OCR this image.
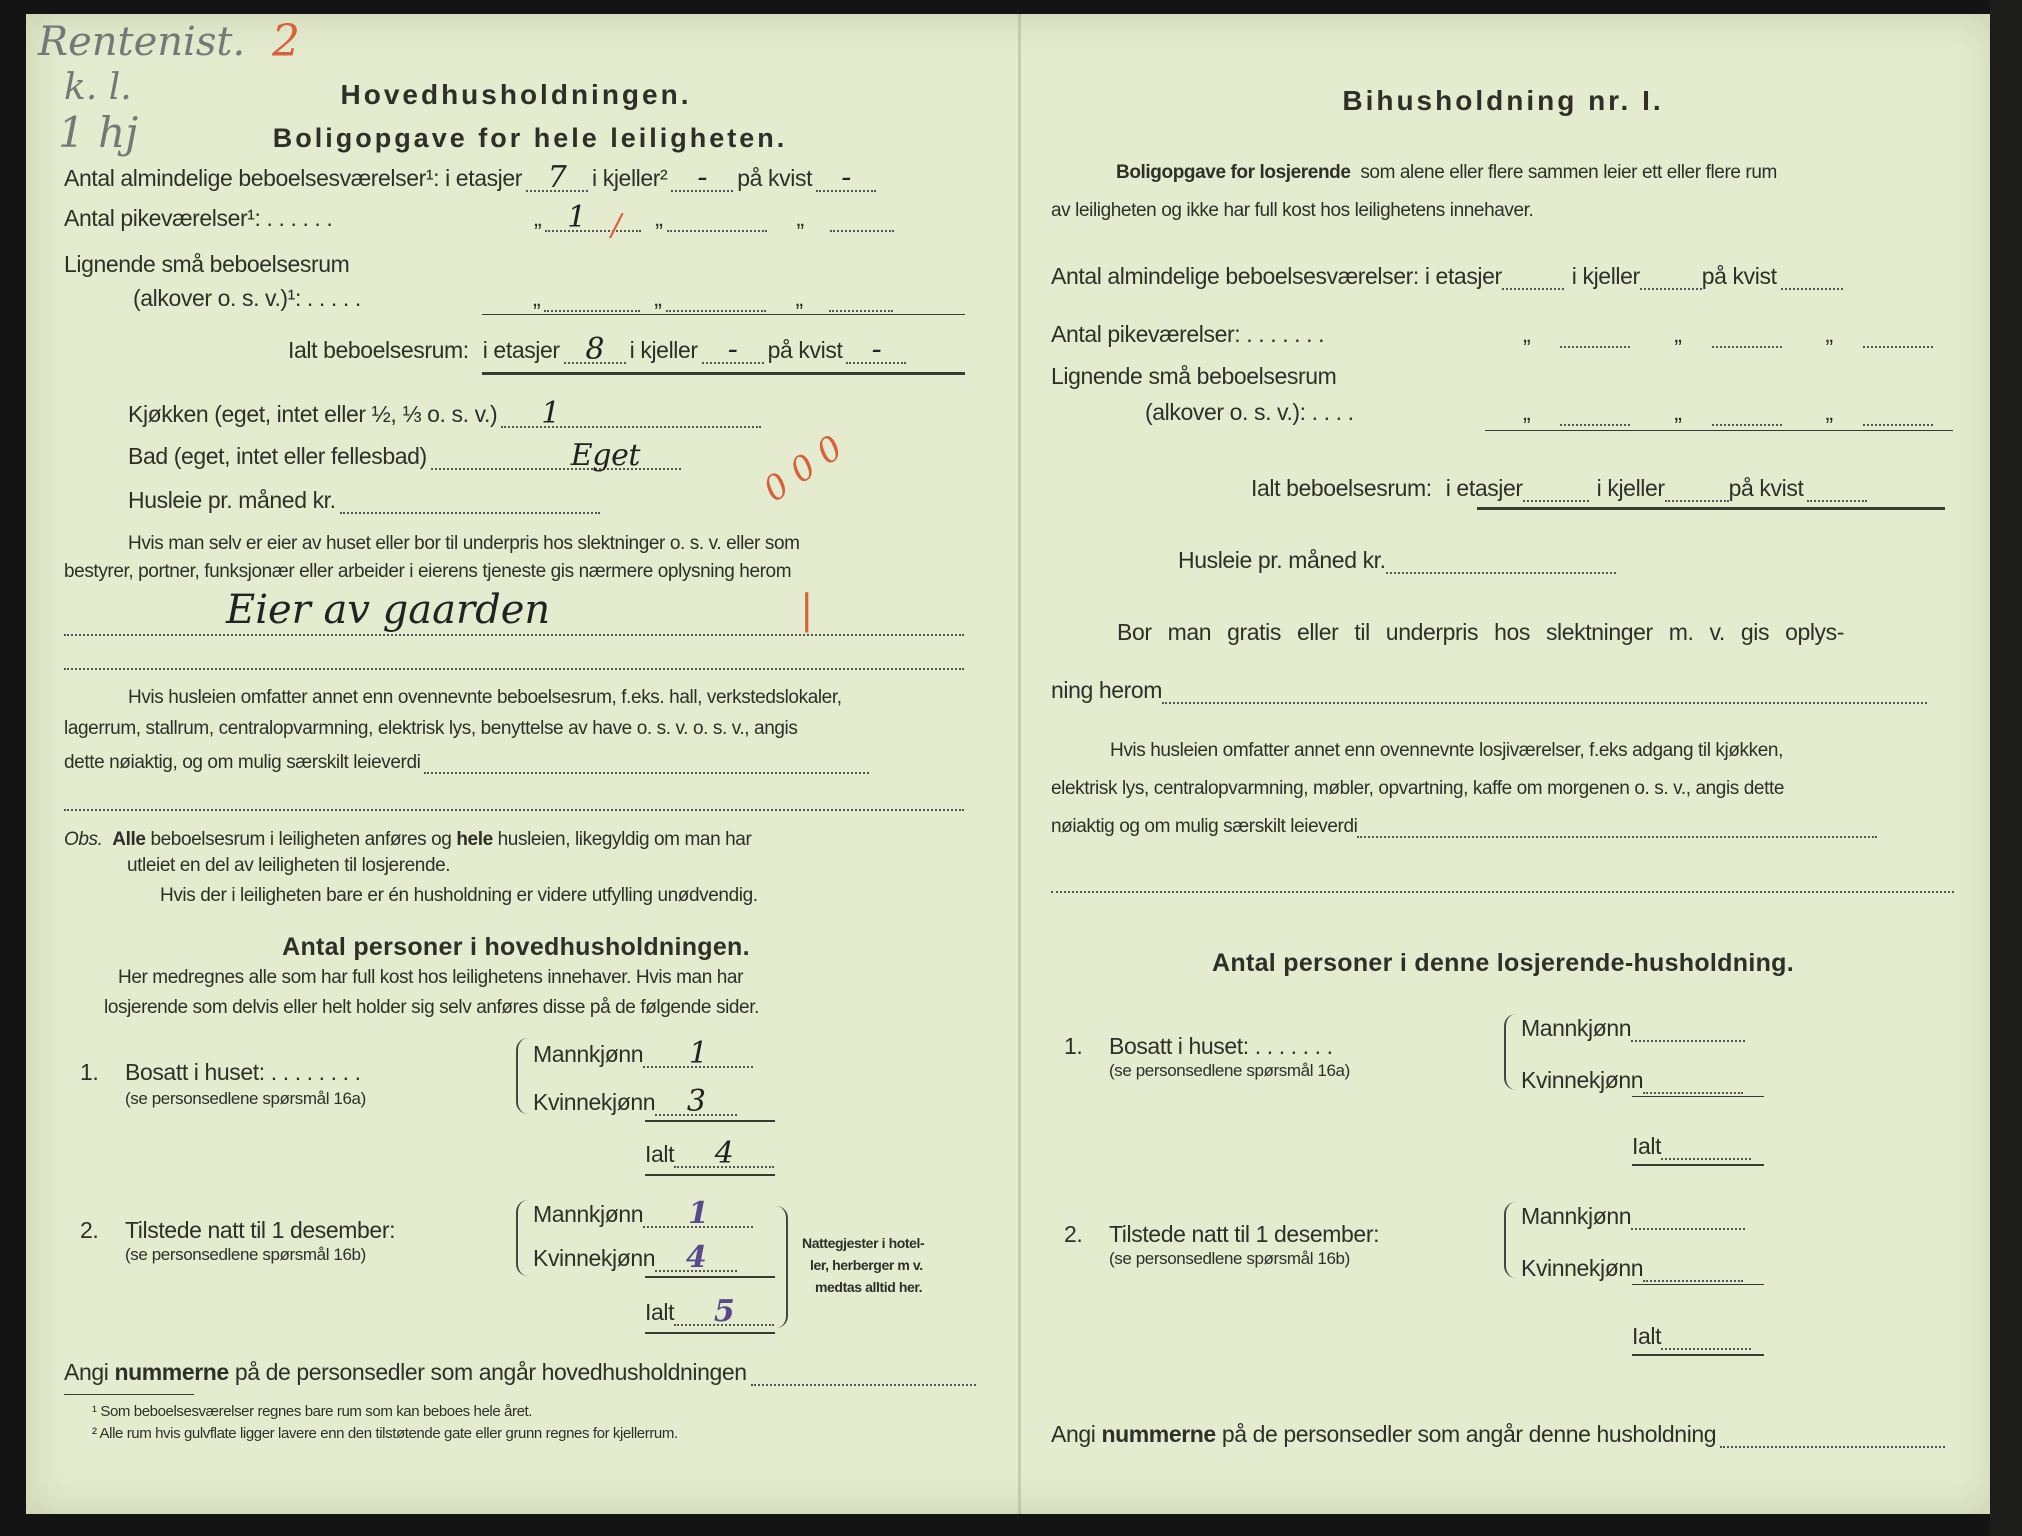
Rentenist. 2
k. l.
1 hj
Hovedhusholdningen.
Boligopgave for hele leiligheten.
Antal almindelige beboelsesværelser¹: i etasjer 7	i kjeller²	-	på kvist -
Antal pikeværelser¹: . . . . . .	„ 1 / „	„
Lignende små beboelsesrum
(alkover o. s. v.)¹: . . . . .	„	„	„
Ialt beboelsesrum: i etasjer 8	i kjeller	-	på kvist -
Kjøkken (eget, intet eller ½, ⅓ o. s. v.)	1
Bad (eget, intet eller fellesbad)	Eget	0 0 0
Husleie pr. måned kr.
Hvis man selv er eier av huset eller bor til underpris hos slektninger o. s. v. eller som
bestyrer, portner, funksjonær eller arbeider i eierens tjeneste gis nærmere oplysning herom
Eier av gaarden	|
Hvis husleien omfatter annet enn ovennevnte beboelsesrum, f.eks. hall, verkstedslokaler,
lagerrum, stallrum, centralopvarmning, elektrisk lys, benyttelse av have o. s. v. o. s. v., angis
dette nøiaktig, og om mulig særskilt leieverdi
Obs. Alle beboelsesrum i leiligheten anføres og hele husleien, likegyldig om man har
utleiet en del av leiligheten til losjerende.
Hvis der i leiligheten bare er én husholdning er videre utfylling unødvendig.
Antal personer i hovedhusholdningen.
Her medregnes alle som har full kost hos leilighetens innehaver. Hvis man har
losjerende som delvis eller helt holder sig selv anføres disse på de følgende sider.
1. Bosatt i huset: . . . . . . . .
(se personsedlene spørsmål 16a)
Mannkjønn	1
Kvinnekjønn	3
Ialt	4
2. Tilstede natt til 1 desember:
(se personsedlene spørsmål 16b)
Mannkjønn	1
Kvinnekjønn	4
Ialt	5
Nattegjester i hotel-
ler, herberger m v.
medtas alltid her.
Angi
nummerne
på de personsedler som angår hovedhusholdningen
¹ Som beboelsesværelser regnes bare rum som kan beboes hele året.
² Alle rum hvis gulvflate ligger lavere enn den tilstøtende gate eller grunn regnes for kjellerrum.
Bihusholdning nr. I.
Boligopgave for losjerende som alene eller flere sammen leier ett eller flere rum
av leiligheten og ikke har full kost hos leilighetens innehaver.
Antal almindelige beboelsesværelser: i etasjer	i kjeller	på kvist
Antal pikeværelser: . . . . . . .	„	„	„
Lignende små beboelsesrum
(alkover o. s. v.): . . . .	„	„	„
Ialt beboelsesrum: i etasjer	i kjeller	på kvist
Husleie pr. måned kr.
Bor man gratis eller til underpris hos slektninger m. v. gis oplys-
ning herom
Hvis husleien omfatter annet enn ovennevnte losjiværelser, f.eks adgang til kjøkken,
elektrisk lys, centralopvarmning, møbler, opvartning, kaffe om morgenen o. s. v., angis dette
nøiaktig og om mulig særskilt leieverdi
Antal personer i denne losjerende-husholdning.
1. Bosatt i huset: . . . . . . .
(se personsedlene spørsmål 16a)
Mannkjønn
Kvinnekjønn
Ialt
2. Tilstede natt til 1 desember:
(se personsedlene spørsmål 16b)
Mannkjønn
Kvinnekjønn
Ialt
Angi
nummerne
på de personsedler som angår denne husholdning
